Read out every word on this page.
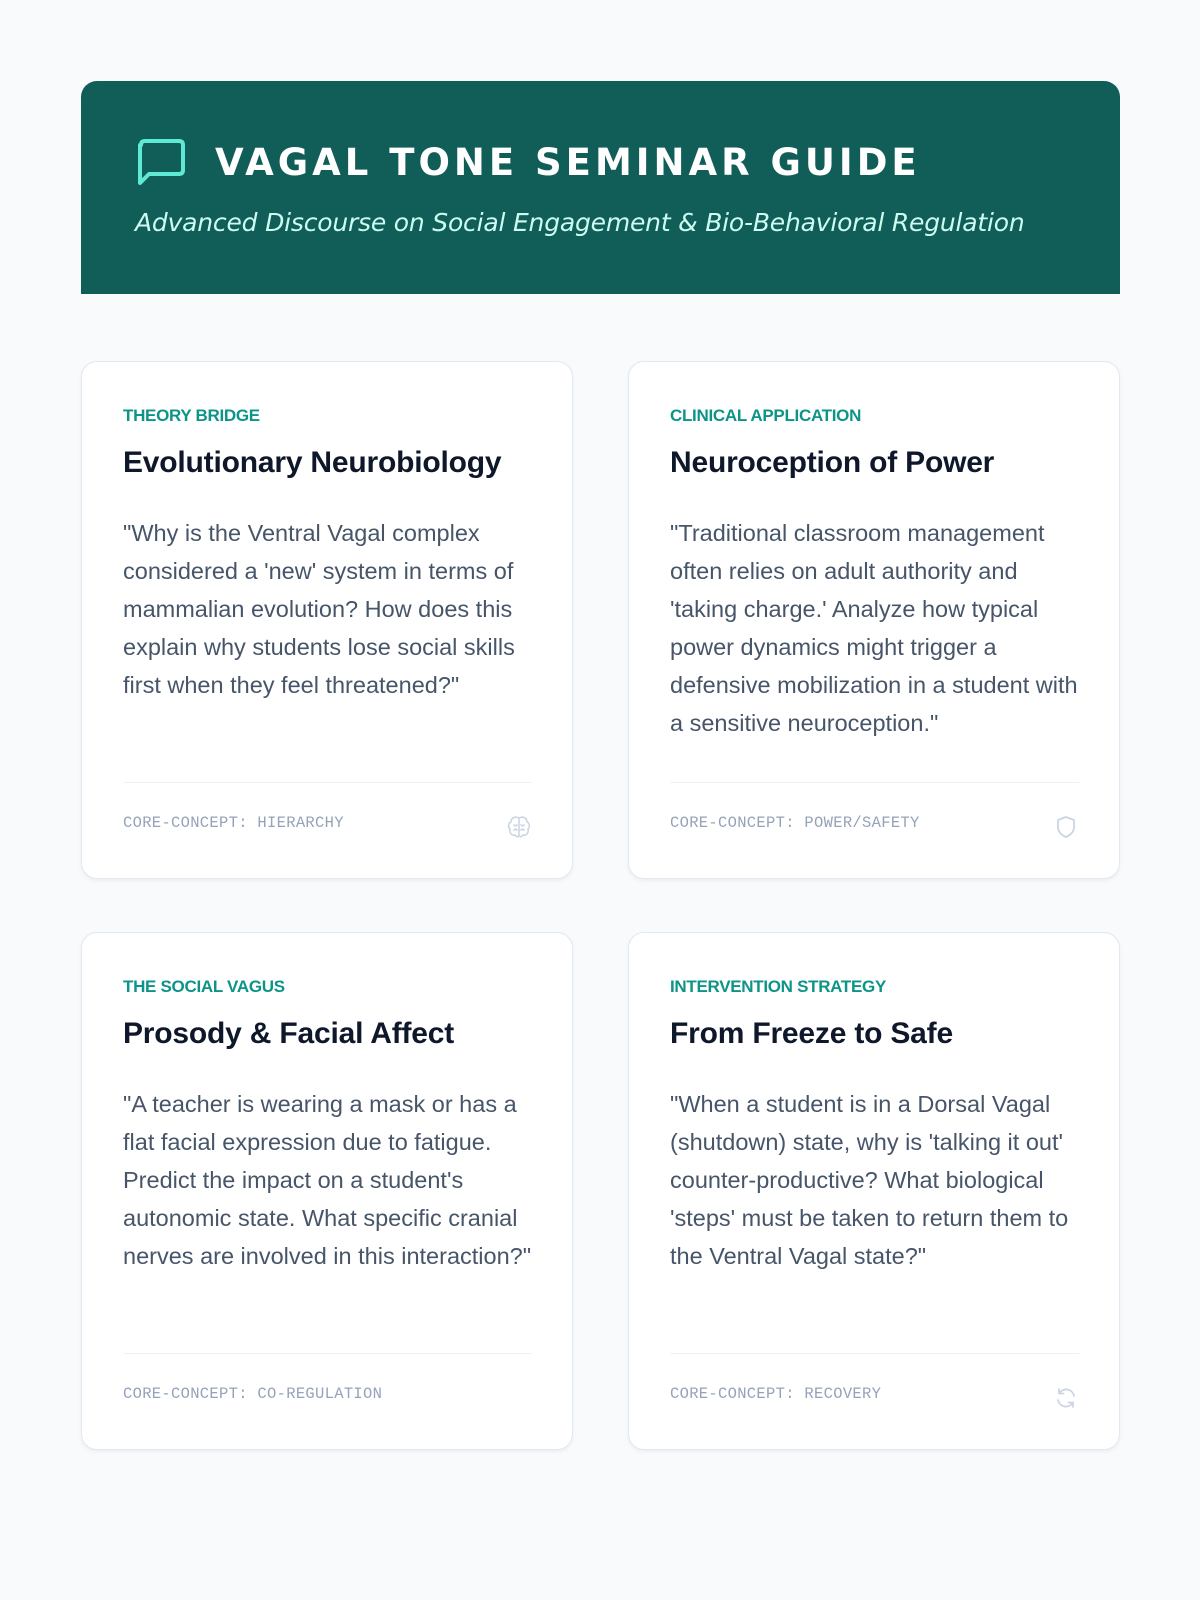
VAGAL TONE SEMINAR GUIDE
Advanced Discourse on Social Engagement & Bio-Behavioral Regulation
THEORY BRIDGE
Evolutionary Neurobiology

"Why is the Ventral Vagal complex considered a 'new' system in terms of mammalian evolution? How does this explain why students lose social skills first when they feel threatened?"

CORE-CONCEPT: HIERARCHY
CLINICAL APPLICATION
Neuroception of Power

"Traditional classroom management often relies on adult authority and 'taking charge.' Analyze how typical power dynamics might trigger a defensive mobilization in a student with a sensitive neuroception."

CORE-CONCEPT: POWER/SAFETY
THE SOCIAL VAGUS
Prosody & Facial Affect

"A teacher is wearing a mask or has a flat facial expression due to fatigue. Predict the impact on a student's autonomic state. What specific cranial nerves are involved in this interaction?"

CORE-CONCEPT: CO-REGULATION
INTERVENTION STRATEGY
From Freeze to Safe

"When a student is in a Dorsal Vagal (shutdown) state, why is 'talking it out' counter-productive? What biological 'steps' must be taken to return them to the Ventral Vagal state?"

CORE-CONCEPT: RECOVERY
